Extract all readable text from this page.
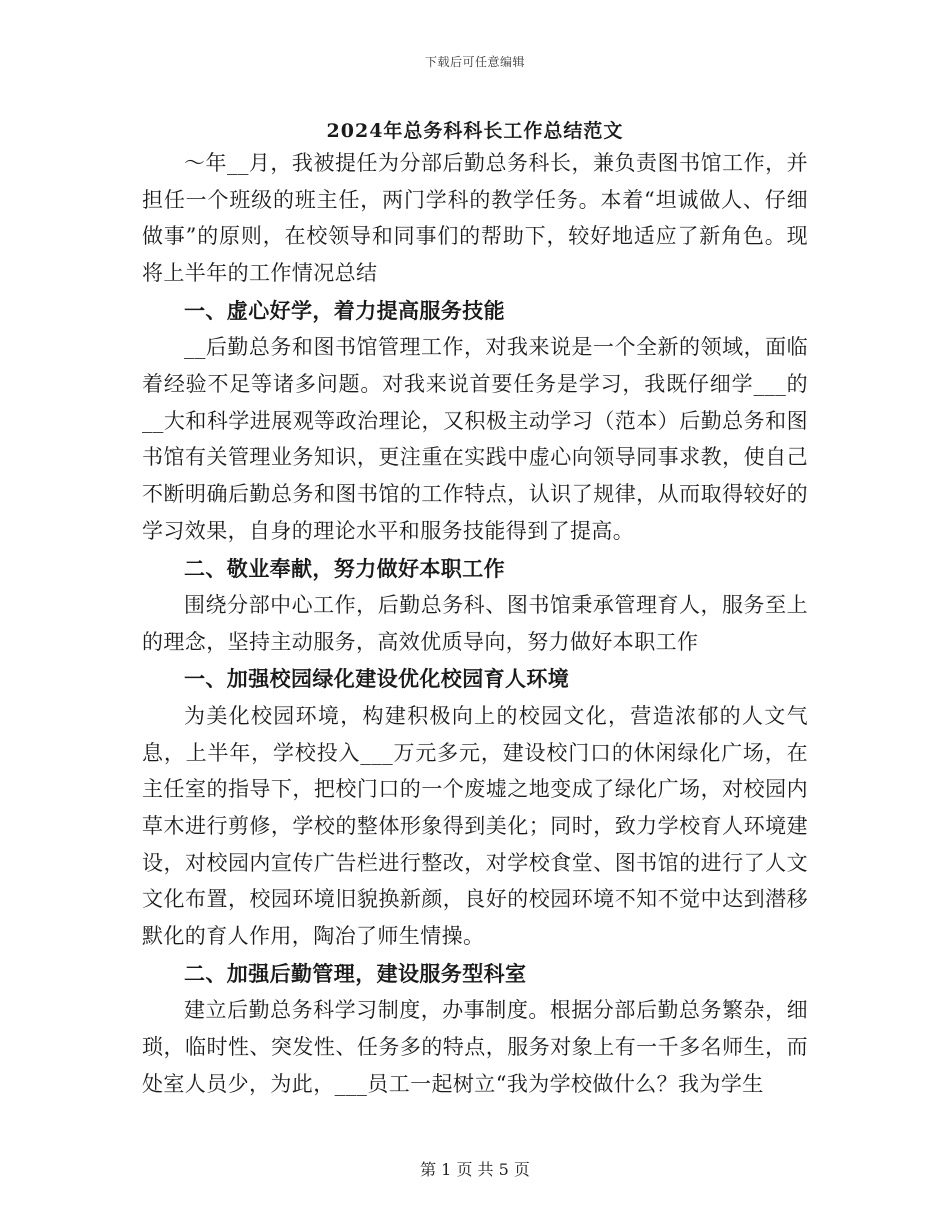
下载后可任意编辑
2024年总务科科长工作总结范文

～年__月，我被提任为分部后勤总务科长，兼负责图书馆工作，并担任一个班级的班主任，两门学科的教学任务。本着“坦诚做人、仔细做事”的原则，在校领导和同事们的帮助下，较好地适应了新角色。现将上半年的工作情况总结

一、虚心好学，着力提高服务技能

__后勤总务和图书馆管理工作，对我来说是一个全新的领域，面临着经验不足等诸多问题。对我来说首要任务是学习，我既仔细学___的__大和科学进展观等政治理论，又积极主动学习（范本）后勤总务和图书馆有关管理业务知识，更注重在实践中虚心向领导同事求教，使自己不断明确后勤总务和图书馆的工作特点，认识了规律，从而取得较好的学习效果，自身的理论水平和服务技能得到了提高。

二、敬业奉献，努力做好本职工作

围绕分部中心工作，后勤总务科、图书馆秉承管理育人，服务至上的理念，坚持主动服务，高效优质导向，努力做好本职工作

一、加强校园绿化建设优化校园育人环境

为美化校园环境，构建积极向上的校园文化，营造浓郁的人文气息，上半年，学校投入___万元多元，建设校门口的休闲绿化广场，在主任室的指导下，把校门口的一个废墟之地变成了绿化广场，对校园内草木进行剪修，学校的整体形象得到美化；同时，致力学校育人环境建设，对校园内宣传广告栏进行整改，对学校食堂、图书馆的进行了人文文化布置，校园环境旧貌换新颜，良好的校园环境不知不觉中达到潜移默化的育人作用，陶冶了师生情操。

二、加强后勤管理，建设服务型科室

建立后勤总务科学习制度，办事制度。根据分部后勤总务繁杂，细琐，临时性、突发性、任务多的特点，服务对象上有一千多名师生，而处室人员少，为此，___员工一起树立“我为学校做什么？我为学生

第 1 页 共 5 页
